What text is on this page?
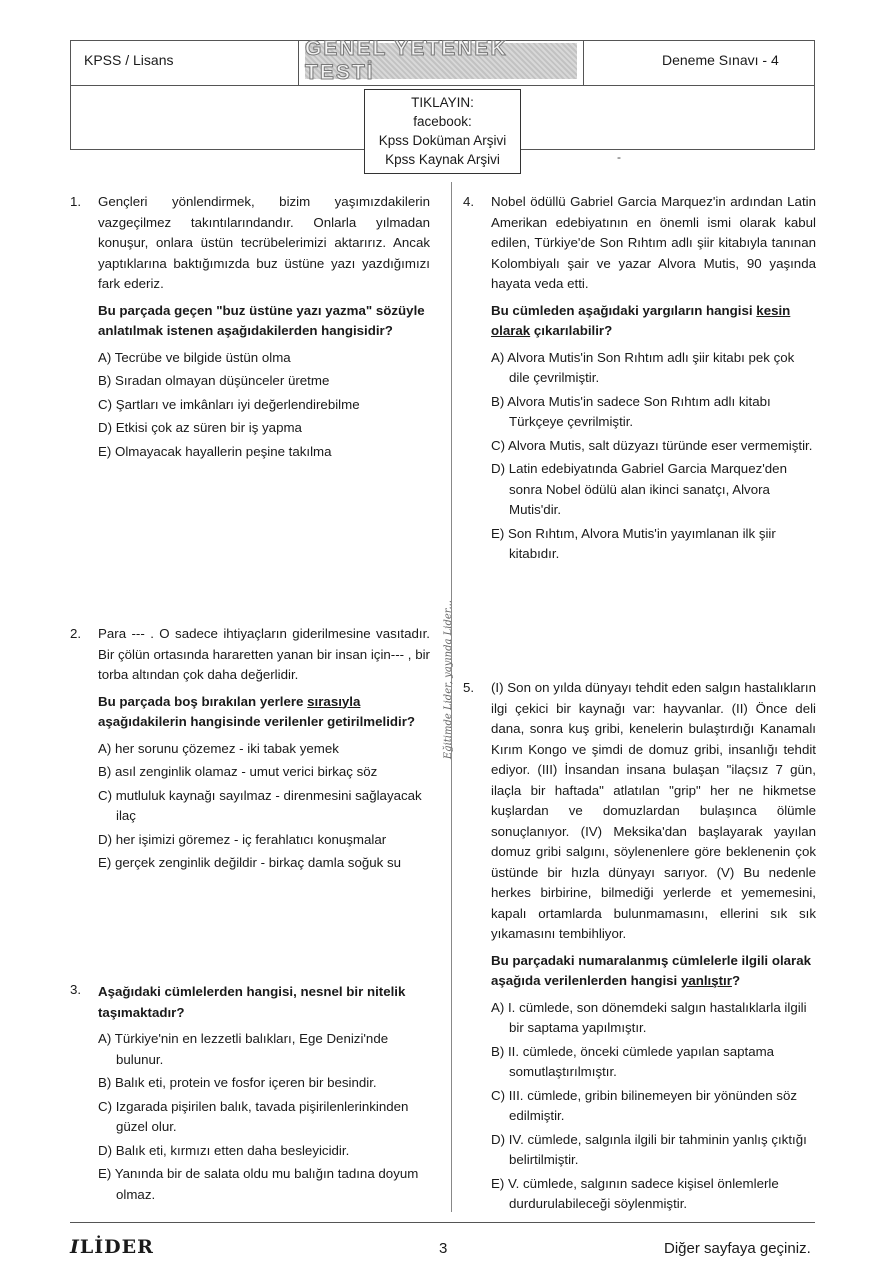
KPSS / Lisans	GENEL YETENEK TESTİ
Deneme Sınavı - 4
TIKLAYIN:
facebook:
Kpss Doküman Arşivi
Kpss Kaynak Arşivi	-
Eğitimde Lider, yayında Lider...
1. Gençleri yönlendirmek, bizim yaşımızdakilerin vazgeçilmez takıntılarındandır. Onlarla yılmadan konuşur, onlara üstün tecrübelerimizi aktarırız. Ancak yaptıklarına baktığımızda buz üstüne yazı yazdığımızı fark ederiz.

Bu parçada geçen "buz üstüne yazı yazma" sözüyle anlatılmak istenen aşağıdakilerden hangisidir?

A) Tecrübe ve bilgide üstün olma
B) Sıradan olmayan düşünceler üretme
C) Şartları ve imkânları iyi değerlendirebilme
D) Etkisi çok az süren bir iş yapma
E) Olmayacak hayallerin peşine takılma
2. Para --- . O sadece ihtiyaçların giderilmesine vasıtadır. Bir çölün ortasında hararetten yanan bir insan için--- , bir torba altından çok daha değerlidir.

Bu parçada boş bırakılan yerlere sırasıyla aşağıdakilerin hangisinde verilenler getirilmelidir?

A) her sorunu çözemez - iki tabak yemek
B) asıl zenginlik olamaz - umut verici birkaç söz
C) mutluluk kaynağı sayılmaz - direnmesini sağlayacak ilaç
D) her işimizi göremez - iç ferahlatıcı konuşmalar
E) gerçek zenginlik değildir - birkaç damla soğuk su
3. Aşağıdaki cümlelerden hangisi, nesnel bir nitelik taşımaktadır?

A) Türkiye'nin en lezzetli balıkları, Ege Denizi'nde bulunur.
B) Balık eti, protein ve fosfor içeren bir besindir.
C) Izgarada pişirilen balık, tavada pişirilenlerinkinden güzel olur.
D) Balık eti, kırmızı etten daha besleyicidir.
E) Yanında bir de salata oldu mu balığın tadına doyum olmaz.
4. Nobel ödüllü Gabriel Garcia Marquez'in ardından Latin Amerikan edebiyatının en önemli ismi olarak kabul edilen, Türkiye'de Son Rıhtım adlı şiir kitabıyla tanınan Kolombiyalı şair ve yazar Alvora Mutis, 90 yaşında hayata veda etti.

Bu cümleden aşağıdaki yargıların hangisi kesin olarak çıkarılabilir?

A) Alvora Mutis'in Son Rıhtım adlı şiir kitabı pek çok dile çevrilmiştir.
B) Alvora Mutis'in sadece Son Rıhtım adlı kitabı Türkçeye çevrilmiştir.
C) Alvora Mutis, salt düzyazı türünde eser vermemiştir.
D) Latin edebiyatında Gabriel Garcia Marquez'den sonra Nobel ödülü alan ikinci sanatçı, Alvora Mutis'dir.
E) Son Rıhtım, Alvora Mutis'in yayımlanan ilk şiir kitabıdır.
5. (I) Son on yılda dünyayı tehdit eden salgın hastalıkların ilgi çekici bir kaynağı var: hayvanlar. (II) Önce deli dana, sonra kuş gribi, kenelerin bulaştırdığı Kanamalı Kırım Kongo ve şimdi de domuz gribi, insanlığı tehdit ediyor. (III) İnsandan insana bulaşan "ilaçsız 7 gün, ilaçla bir haftada" atlatılan "grip" her ne hikmetse kuşlardan ve domuzlardan bulaşınca ölümle sonuçlanıyor. (IV) Meksika'dan başlayarak yayılan domuz gribi salgını, söylenenlere göre beklenenin çok üstünde bir hızla dünyayı sarıyor. (V) Bu nedenle herkes birbirine, bilmediği yerlerde et yememesini, kapalı ortamlarda bulunmamasını, ellerini sık sık yıkamasını tembihliyor.

Bu parçadaki numaralanmış cümlelerle ilgili olarak aşağıda verilenlerden hangisi yanlıştır?

A) I. cümlede, son dönemdeki salgın hastalıklarla ilgili bir saptama yapılmıştır.
B) II. cümlede, önceki cümlede yapılan saptama somutlaştırılmıştır.
C) III. cümlede, gribin bilinemeyen bir yönünden söz edilmiştir.
D) IV. cümlede, salgınla ilgili bir tahminin yanlış çıktığı belirtilmiştir.
E) V. cümlede, salgının sadece kişisel önlemlerle durdurulabileceği söylenmiştir.
ILİDER	3	Diğer sayfaya geçiniz.
